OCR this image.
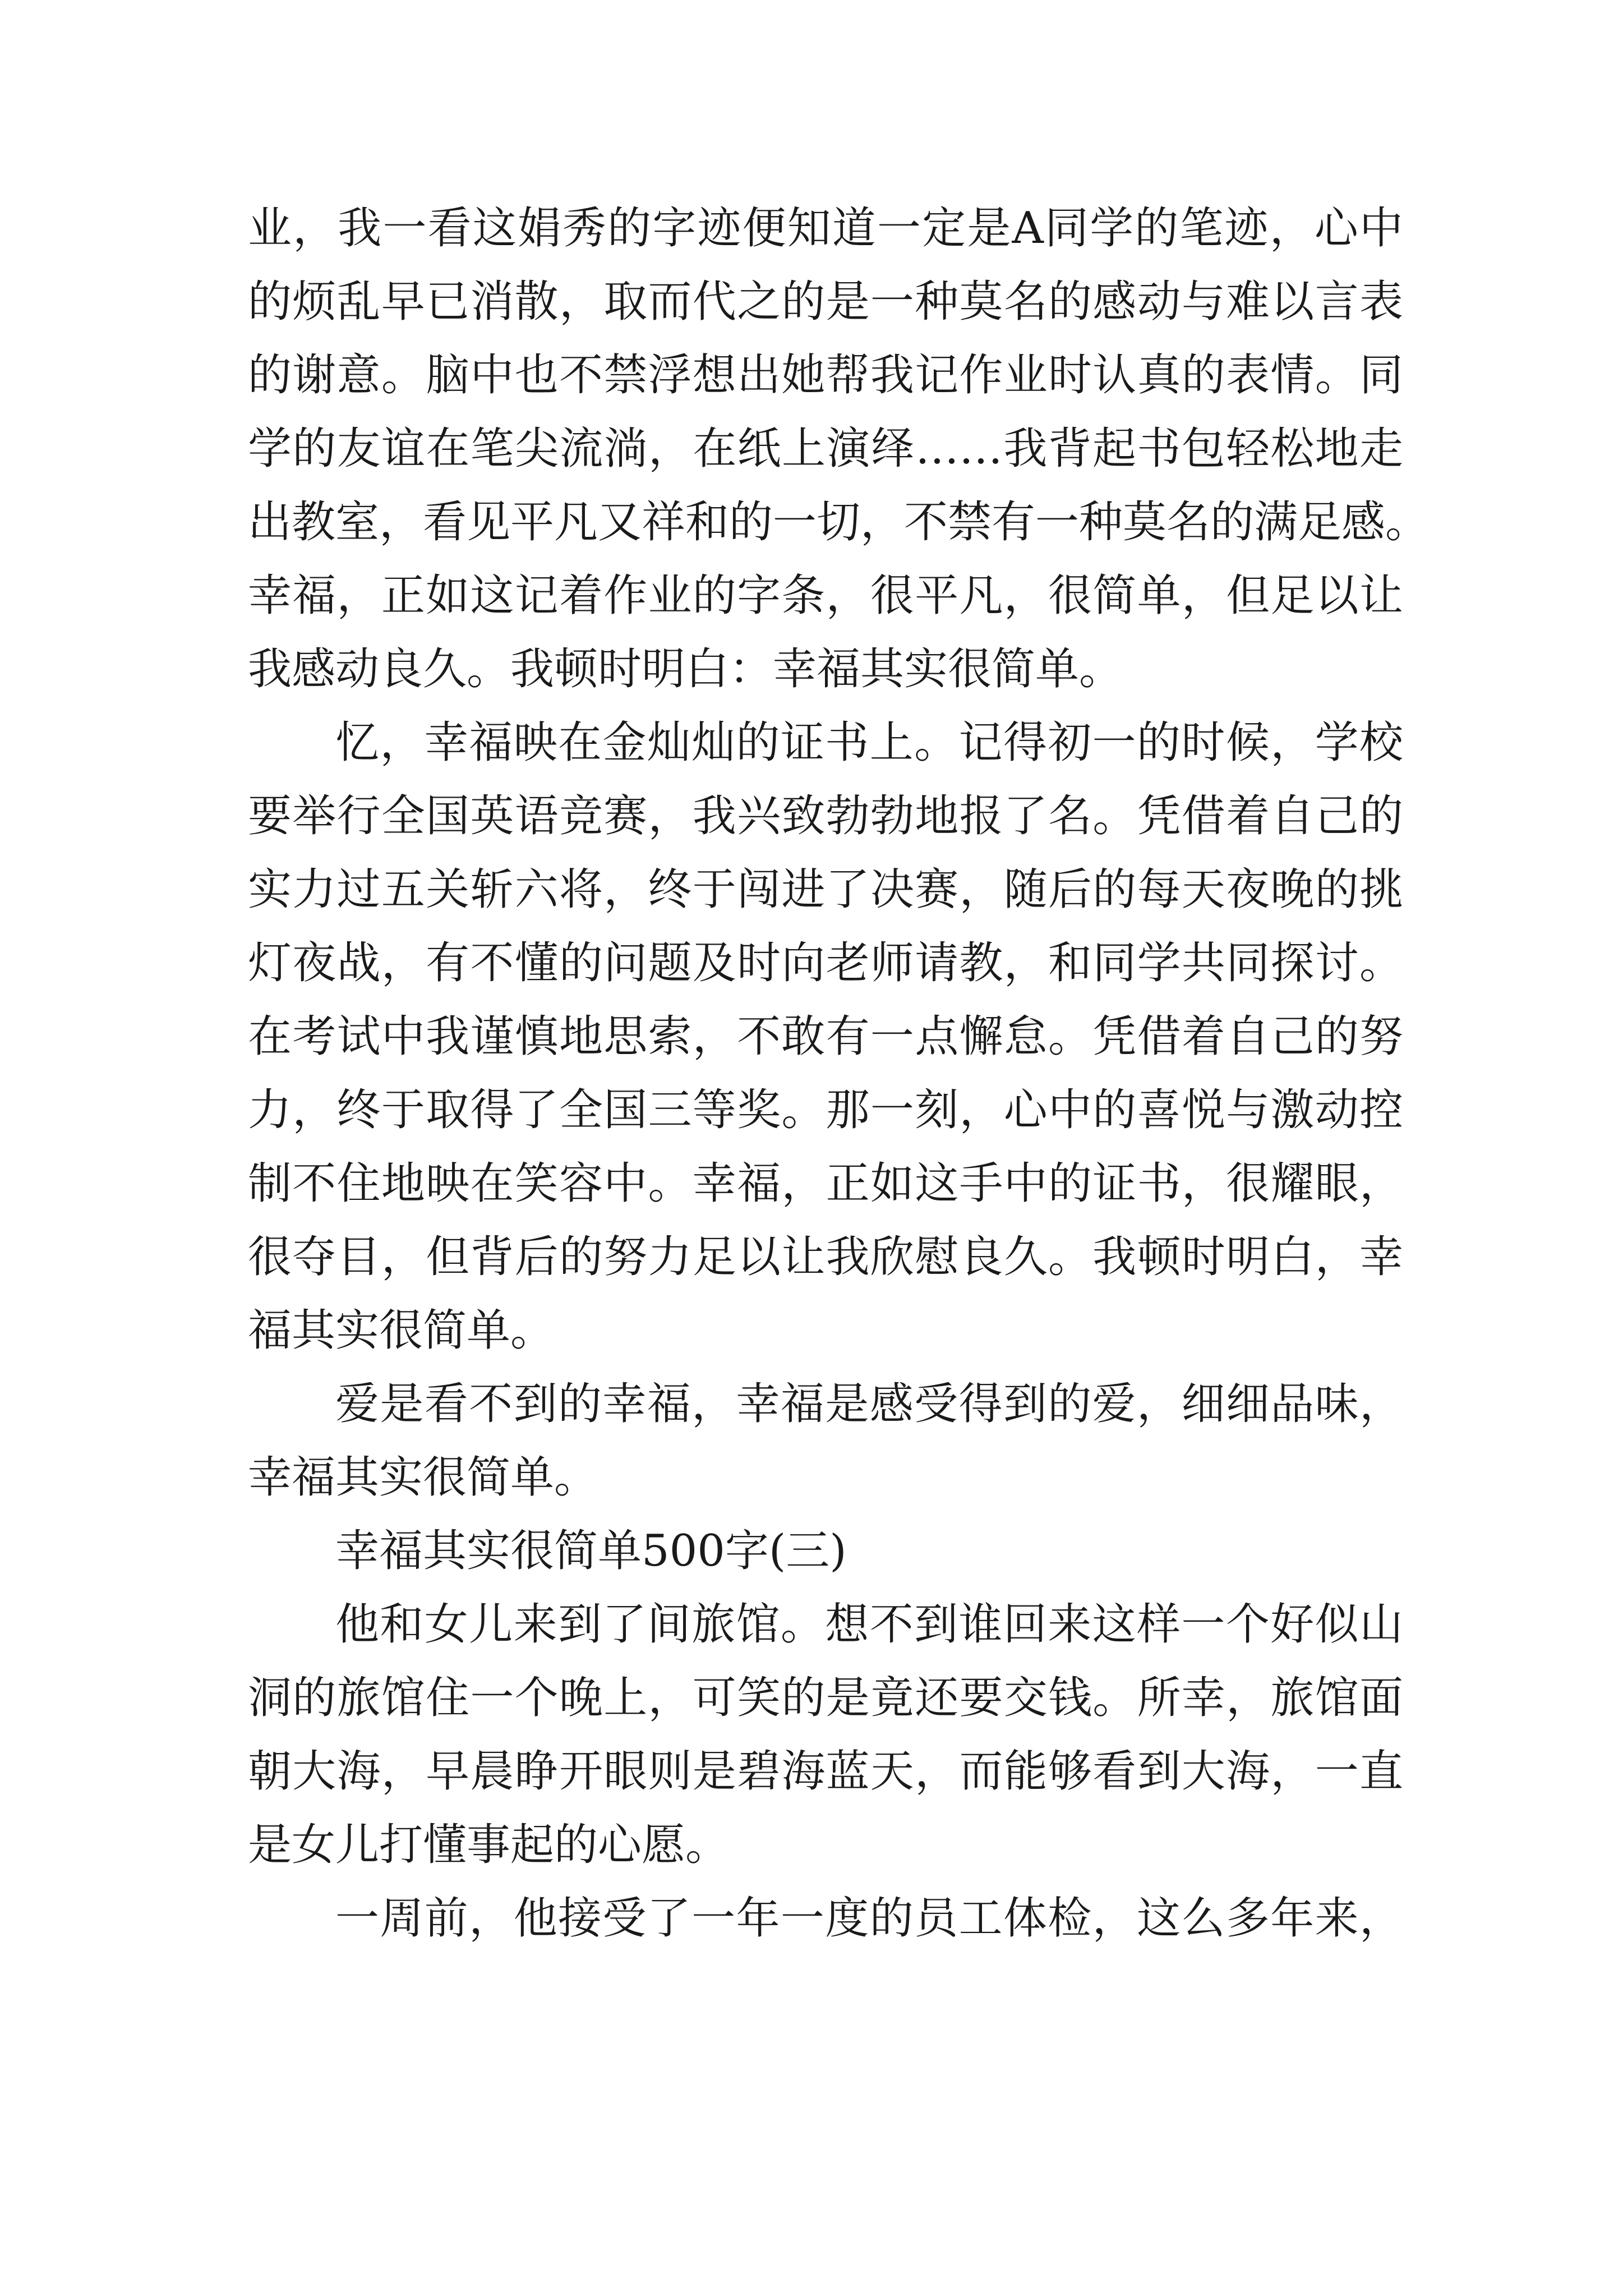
业，我一看这娟秀的字迹便知道一定是A同学的笔迹，心中
的烦乱早已消散，取而代之的是一种莫名的感动与难以言表
的谢意。脑中也不禁浮想出她帮我记作业时认真的表情。同
学的友谊在笔尖流淌，在纸上演绎……我背起书包轻松地走
出教室，看见平凡又祥和的一切，不禁有一种莫名的满足感。
幸福，正如这记着作业的字条，很平凡，很简单，但足以让
我感动良久。我顿时明白：幸福其实很简单。
忆，幸福映在金灿灿的证书上。记得初一的时候，学校
要举行全国英语竞赛，我兴致勃勃地报了名。凭借着自己的
实力过五关斩六将，终于闯进了决赛，随后的每天夜晚的挑
灯夜战，有不懂的问题及时向老师请教，和同学共同探讨。
在考试中我谨慎地思索，不敢有一点懈怠。凭借着自己的努
力，终于取得了全国三等奖。那一刻，心中的喜悦与激动控
制不住地映在笑容中。幸福，正如这手中的证书，很耀眼，
很夺目，但背后的努力足以让我欣慰良久。我顿时明白，幸
福其实很简单。
爱是看不到的幸福，幸福是感受得到的爱，细细品味，
幸福其实很简单。
幸福其实很简单500字(三)
他和女儿来到了间旅馆。想不到谁回来这样一个好似山
洞的旅馆住一个晚上，可笑的是竟还要交钱。所幸，旅馆面
朝大海，早晨睁开眼则是碧海蓝天，而能够看到大海，一直
是女儿打懂事起的心愿。
一周前，他接受了一年一度的员工体检，这么多年来，
